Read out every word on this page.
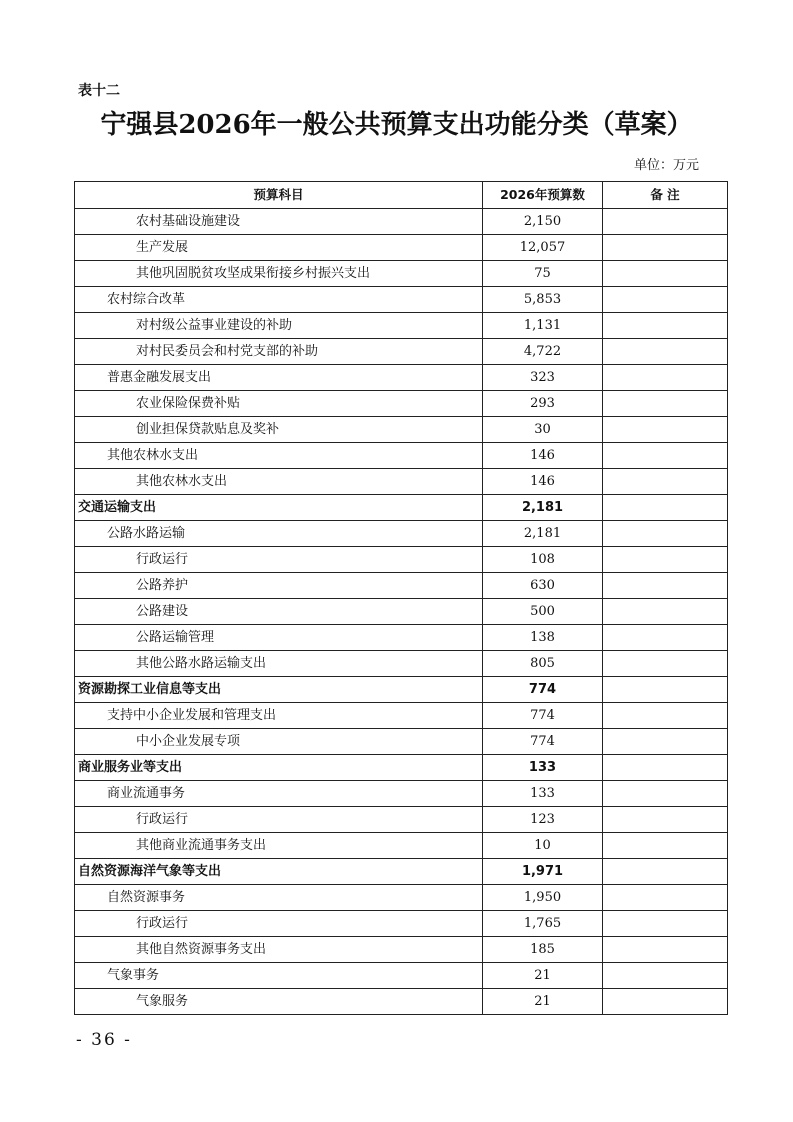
表十二
宁强县2026年一般公共预算支出功能分类（草案）
单位：万元
预算科目	2026年预算数	备 注
农村基础设施建设	2,150	
生产发展	12,057	
其他巩固脱贫攻坚成果衔接乡村振兴支出	75	
农村综合改革	5,853	
对村级公益事业建设的补助	1,131	
对村民委员会和村党支部的补助	4,722	
普惠金融发展支出	323	
农业保险保费补贴	293	
创业担保贷款贴息及奖补	30	
其他农林水支出	146	
其他农林水支出	146	
交通运输支出	2,181	
公路水路运输	2,181	
行政运行	108	
公路养护	630	
公路建设	500	
公路运输管理	138	
其他公路水路运输支出	805	
资源勘探工业信息等支出	774	
支持中小企业发展和管理支出	774	
中小企业发展专项	774	
商业服务业等支出	133	
商业流通事务	133	
行政运行	123	
其他商业流通事务支出	10	
自然资源海洋气象等支出	1,971	
自然资源事务	1,950	
行政运行	1,765	
其他自然资源事务支出	185	
气象事务	21	
气象服务	21	
- 36 -
